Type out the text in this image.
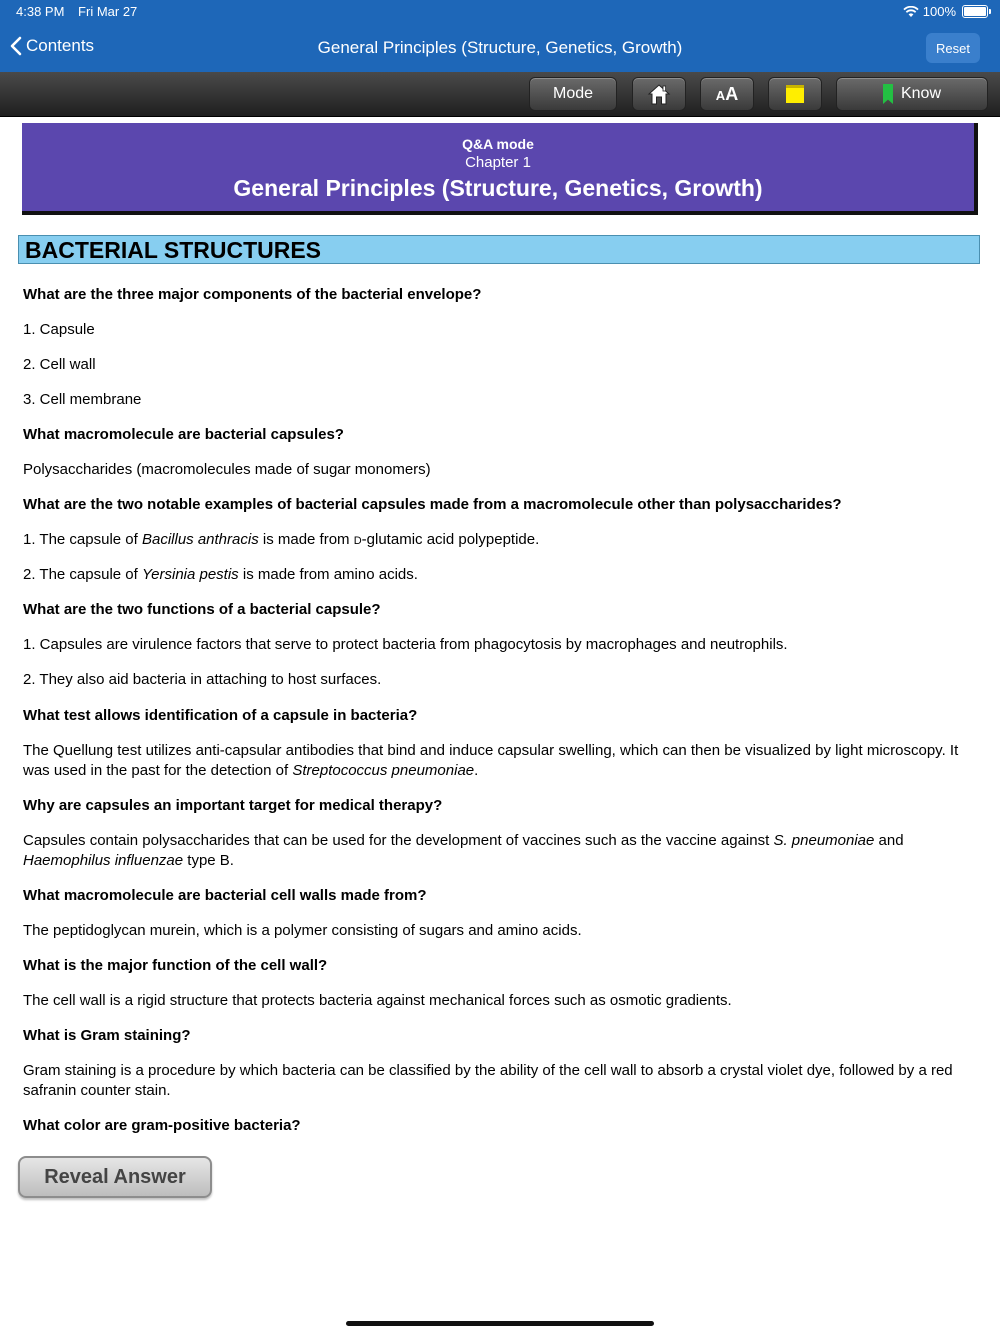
4:38 PM Fri Mar 27	100%
Contents	General Principles (Structure, Genetics, Growth)	Reset
Mode	AA	Know
Q&A mode
Chapter 1
General Principles (Structure, Genetics, Growth)
BACTERIAL STRUCTURES
What are the three major components of the bacterial envelope?
1. Capsule
2. Cell wall
3. Cell membrane
What macromolecule are bacterial capsules?
Polysaccharides (macromolecules made of sugar monomers)
What are the two notable examples of bacterial capsules made from a macromolecule other than polysaccharides?
1. The capsule of Bacillus anthracis is made from D-glutamic acid polypeptide.
2. The capsule of Yersinia pestis is made from amino acids.
What are the two functions of a bacterial capsule?
1. Capsules are virulence factors that serve to protect bacteria from phagocytosis by macrophages and neutrophils.
2. They also aid bacteria in attaching to host surfaces.
What test allows identification of a capsule in bacteria?
The Quellung test utilizes anti-capsular antibodies that bind and induce capsular swelling, which can then be visualized by light microscopy. It was used in the past for the detection of Streptococcus pneumoniae.
Why are capsules an important target for medical therapy?
Capsules contain polysaccharides that can be used for the development of vaccines such as the vaccine against S. pneumoniae and Haemophilus influenzae type B.
What macromolecule are bacterial cell walls made from?
The peptidoglycan murein, which is a polymer consisting of sugars and amino acids.
What is the major function of the cell wall?
The cell wall is a rigid structure that protects bacteria against mechanical forces such as osmotic gradients.
What is Gram staining?
Gram staining is a procedure by which bacteria can be classified by the ability of the cell wall to absorb a crystal violet dye, followed by a red safranin counter stain.
What color are gram-positive bacteria?
Reveal Answer
